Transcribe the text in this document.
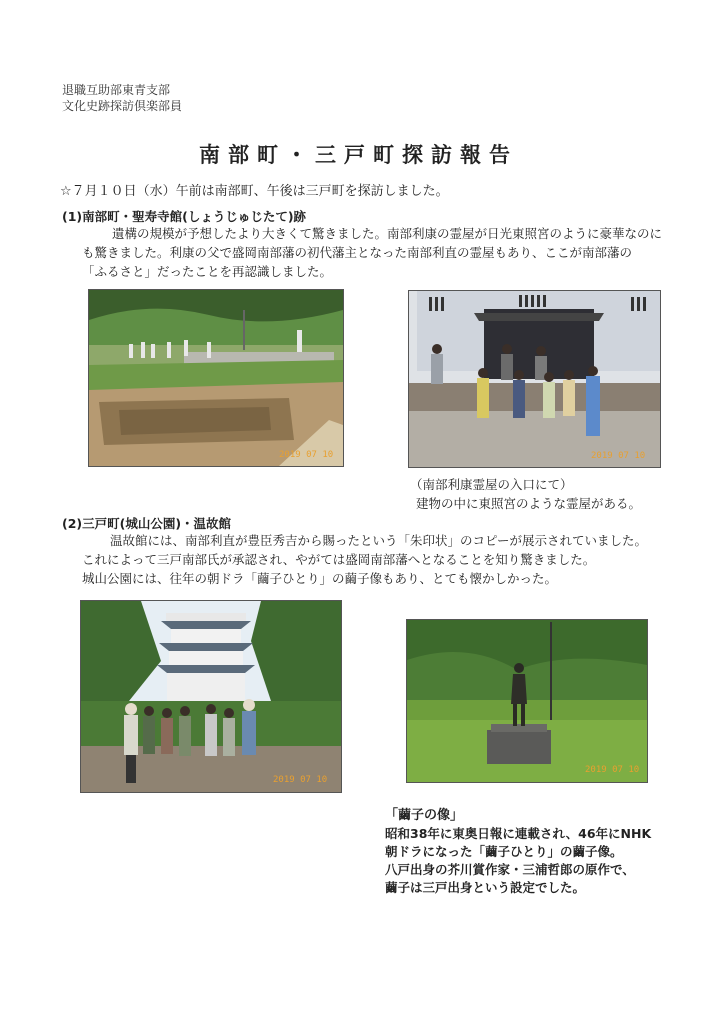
退職互助部東青支部
文化史跡探訪倶楽部員
南部町・三戸町探訪報告
☆７月１０日（水）午前は南部町、午後は三戸町を探訪しました。
(1)南部町・聖寿寺館(しょうじゅじたて)跡
遺構の規模が予想したより大きくて驚きました。南部利康の霊屋が日光東照宮のように豪華なのに
も驚きました。利康の父で盛岡南部藩の初代藩主となった南部利直の霊屋もあり、ここが南部藩の
「ふるさと」だったことを再認識しました。
2019 07 10	2019 07 10
（南部利康霊屋の入口にて）
建物の中に東照宮のような霊屋がある。
(2)三戸町(城山公園)・温故館
温故館には、南部利直が豊臣秀吉から賜ったという「朱印状」のコピーが展示されていました。
これによって三戸南部氏が承認され、やがては盛岡南部藩へとなることを知り驚きました。
城山公園には、往年の朝ドラ「繭子ひとり」の繭子像もあり、とても懐かしかった。
2019 07 10
2019 07 10
「繭子の像」
昭和38年に東奥日報に連載され、46年にNHK
朝ドラになった「繭子ひとり」の繭子像。
八戸出身の芥川賞作家・三浦哲郎の原作で、
繭子は三戸出身という設定でした。
